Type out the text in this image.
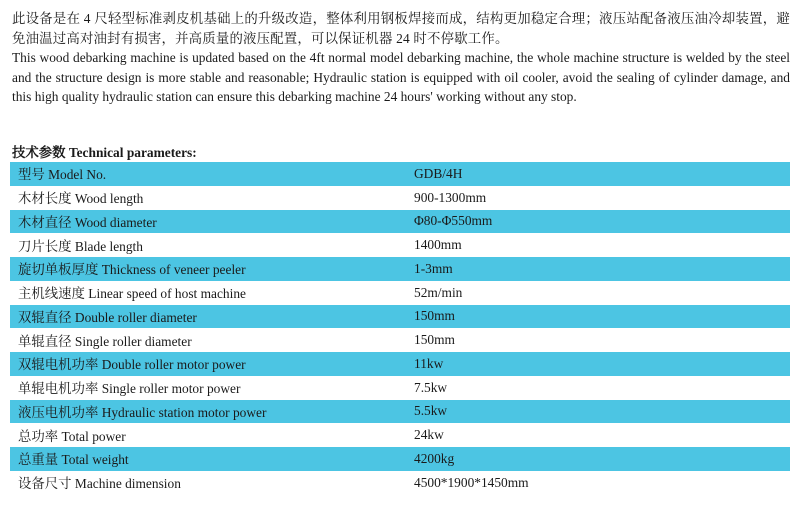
此设备是在 4 尺轻型标准剥皮机基础上的升级改造，整体利用钢板焊接而成，结构更加稳定合理；液压站配备液压油冷却装置，避免油温过高对油封有损害，并高质量的液压配置，可以保证机器 24 时不停歇工作。

This wood debarking machine is updated based on the 4ft normal model debarking machine, the whole machine structure is welded by the steel and the structure design is more stable and reasonable; Hydraulic station is equipped with oil cooler, avoid the sealing of cylinder damage, and this high quality hydraulic station can ensure this debarking machine 24 hours' working without any stop.

技术参数 Technical parameters:
型号 Model No.	GDB/4H
木材长度 Wood length	900-1300mm
木材直径 Wood diameter	Φ80-Φ550mm
刀片长度 Blade length	1400mm
旋切单板厚度 Thickness of veneer peeler	1-3mm
主机线速度 Linear speed of host machine	52m/min
双辊直径 Double roller diameter	150mm
单辊直径 Single roller diameter	150mm
双辊电机功率 Double roller motor power	11kw
单辊电机功率 Single roller motor power	7.5kw
液压电机功率 Hydraulic station motor power	5.5kw
总功率 Total power	24kw
总重量 Total weight	4200kg
设备尺寸 Machine dimension	4500*1900*1450mm
